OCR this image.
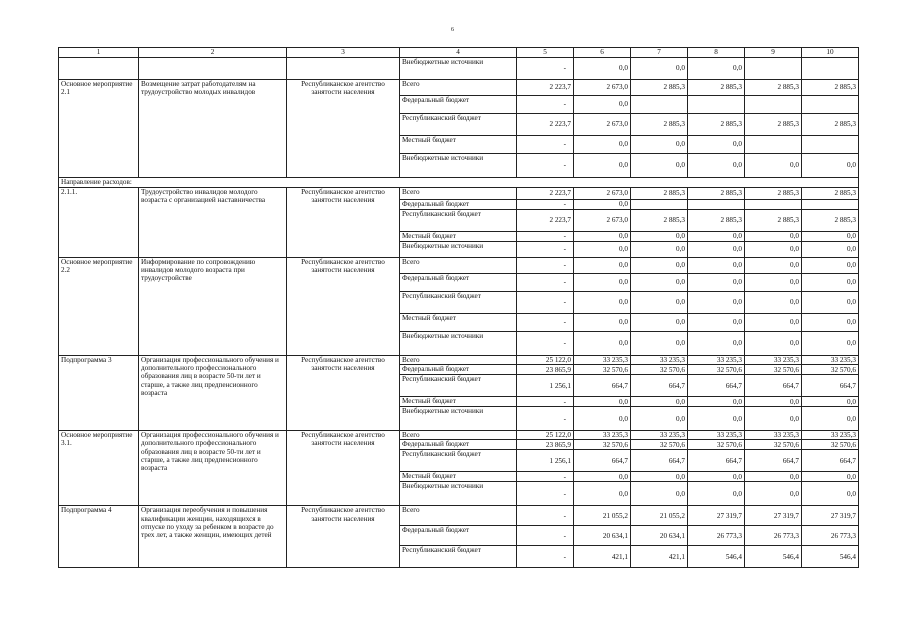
6
1	2	3	4	5	6	7	8	9	10
			Внебюджетные источники	-	0,0	0,0	0,0		
Основное мероприятие 2.1	Возмещение затрат работодателям на трудоустройство молодых инвалидов	Республиканское агентство занятости населения	Всего	2 223,7	2 673,0	2 885,3	2 885,3	2 885,3	2 885,3
			Федеральный бюджет	-	0,0				
			Республиканский бюджет	2 223,7	2 673,0	2 885,3	2 885,3	2 885,3	2 885,3
			Местный бюджет	-	0,0	0,0	0,0		
			Внебюджетные источники	-	0,0	0,0	0,0	0,0	0,0
Направление расходов:									
2.1.1.	Трудоустройство инвалидов молодого возраста с организацией наставничества	Республиканское агентство занятости населения	Всего	2 223,7	2 673,0	2 885,3	2 885,3	2 885,3	2 885,3
			Федеральный бюджет	-	0,0				
			Республиканский бюджет	2 223,7	2 673,0	2 885,3	2 885,3	2 885,3	2 885,3
			Местный бюджет	-	0,0	0,0	0,0	0,0	0,0
			Внебюджетные источники	-	0,0	0,0	0,0	0,0	0,0
Основное мероприятие 2.2	Информирование по сопровождению инвалидов молодого возраста при трудоустройстве	Республиканское агентство занятости населения	Всего	-	0,0	0,0	0,0	0,0	0,0
			Федеральный бюджет	-	0,0	0,0	0,0	0,0	0,0
			Республиканский бюджет	-	0,0	0,0	0,0	0,0	0,0
			Местный бюджет	-	0,0	0,0	0,0	0,0	0,0
			Внебюджетные источники	-	0,0	0,0	0,0	0,0	0,0
Подпрограмма 3	Организация профессионального обучения и дополнительного профессионального образования лиц в возрасте 50-ти лет и старше, а также лиц предпенсионного возраста	Республиканское агентство занятости населения	Всего	25 122,0	33 235,3	33 235,3	33 235,3	33 235,3	33 235,3
			Федеральный бюджет	23 865,9	32 570,6	32 570,6	32 570,6	32 570,6	32 570,6
			Республиканский бюджет	1 256,1	664,7	664,7	664,7	664,7	664,7
			Местный бюджет	-	0,0	0,0	0,0	0,0	0,0
			Внебюджетные источники	-	0,0	0,0	0,0	0,0	0,0
Основное мероприятие 3.1.	Организация профессионального обучения и дополнительного профессионального образования лиц в возрасте 50-ти лет и старше, а также лиц предпенсионного возраста	Республиканское агентство занятости населения	Всего	25 122,0	33 235,3	33 235,3	33 235,3	33 235,3	33 235,3
			Федеральный бюджет	23 865,9	32 570,6	32 570,6	32 570,6	32 570,6	32 570,6
			Республиканский бюджет	1 256,1	664,7	664,7	664,7	664,7	664,7
			Местный бюджет	-	0,0	0,0	0,0	0,0	0,0
			Внебюджетные источники	-	0,0	0,0	0,0	0,0	0,0
Подпрограмма 4	Организация переобучения и повышения квалификации женщин, находящихся в отпуске по уходу за ребенком в возрасте до трех лет, а также женщин, имеющих детей	Республиканское агентство занятости населения	Всего	-	21 055,2	21 055,2	27 319,7	27 319,7	27 319,7
			Федеральный бюджет	-	20 634,1	20 634,1	26 773,3	26 773,3	26 773,3
			Республиканский бюджет	-	421,1	421,1	546,4	546,4	546,4
